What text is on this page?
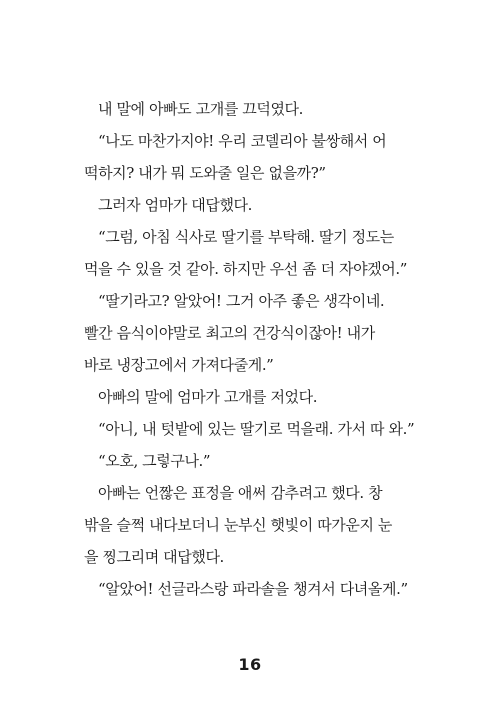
내 말에 아빠도 고개를 끄덕였다.

“나도 마찬가지야! 우리 코델리아 불쌍해서 어

떡하지? 내가 뭐 도와줄 일은 없을까?”

그러자 엄마가 대답했다.

“그럼, 아침 식사로 딸기를 부탁해. 딸기 정도는

먹을 수 있을 것 같아. 하지만 우선 좀 더 자야겠어.”

“딸기라고? 알았어! 그거 아주 좋은 생각이네.

빨간 음식이야말로 최고의 건강식이잖아! 내가

바로 냉장고에서 가져다줄게.”

아빠의 말에 엄마가 고개를 저었다.

“아니, 내 텃밭에 있는 딸기로 먹을래. 가서 따 와.”

“오호, 그렇구나.”

아빠는 언짢은 표정을 애써 감추려고 했다. 창

밖을 슬쩍 내다보더니 눈부신 햇빛이 따가운지 눈

을 찡그리며 대답했다.

“알았어! 선글라스랑 파라솔을 챙겨서 다녀올게.”

16
